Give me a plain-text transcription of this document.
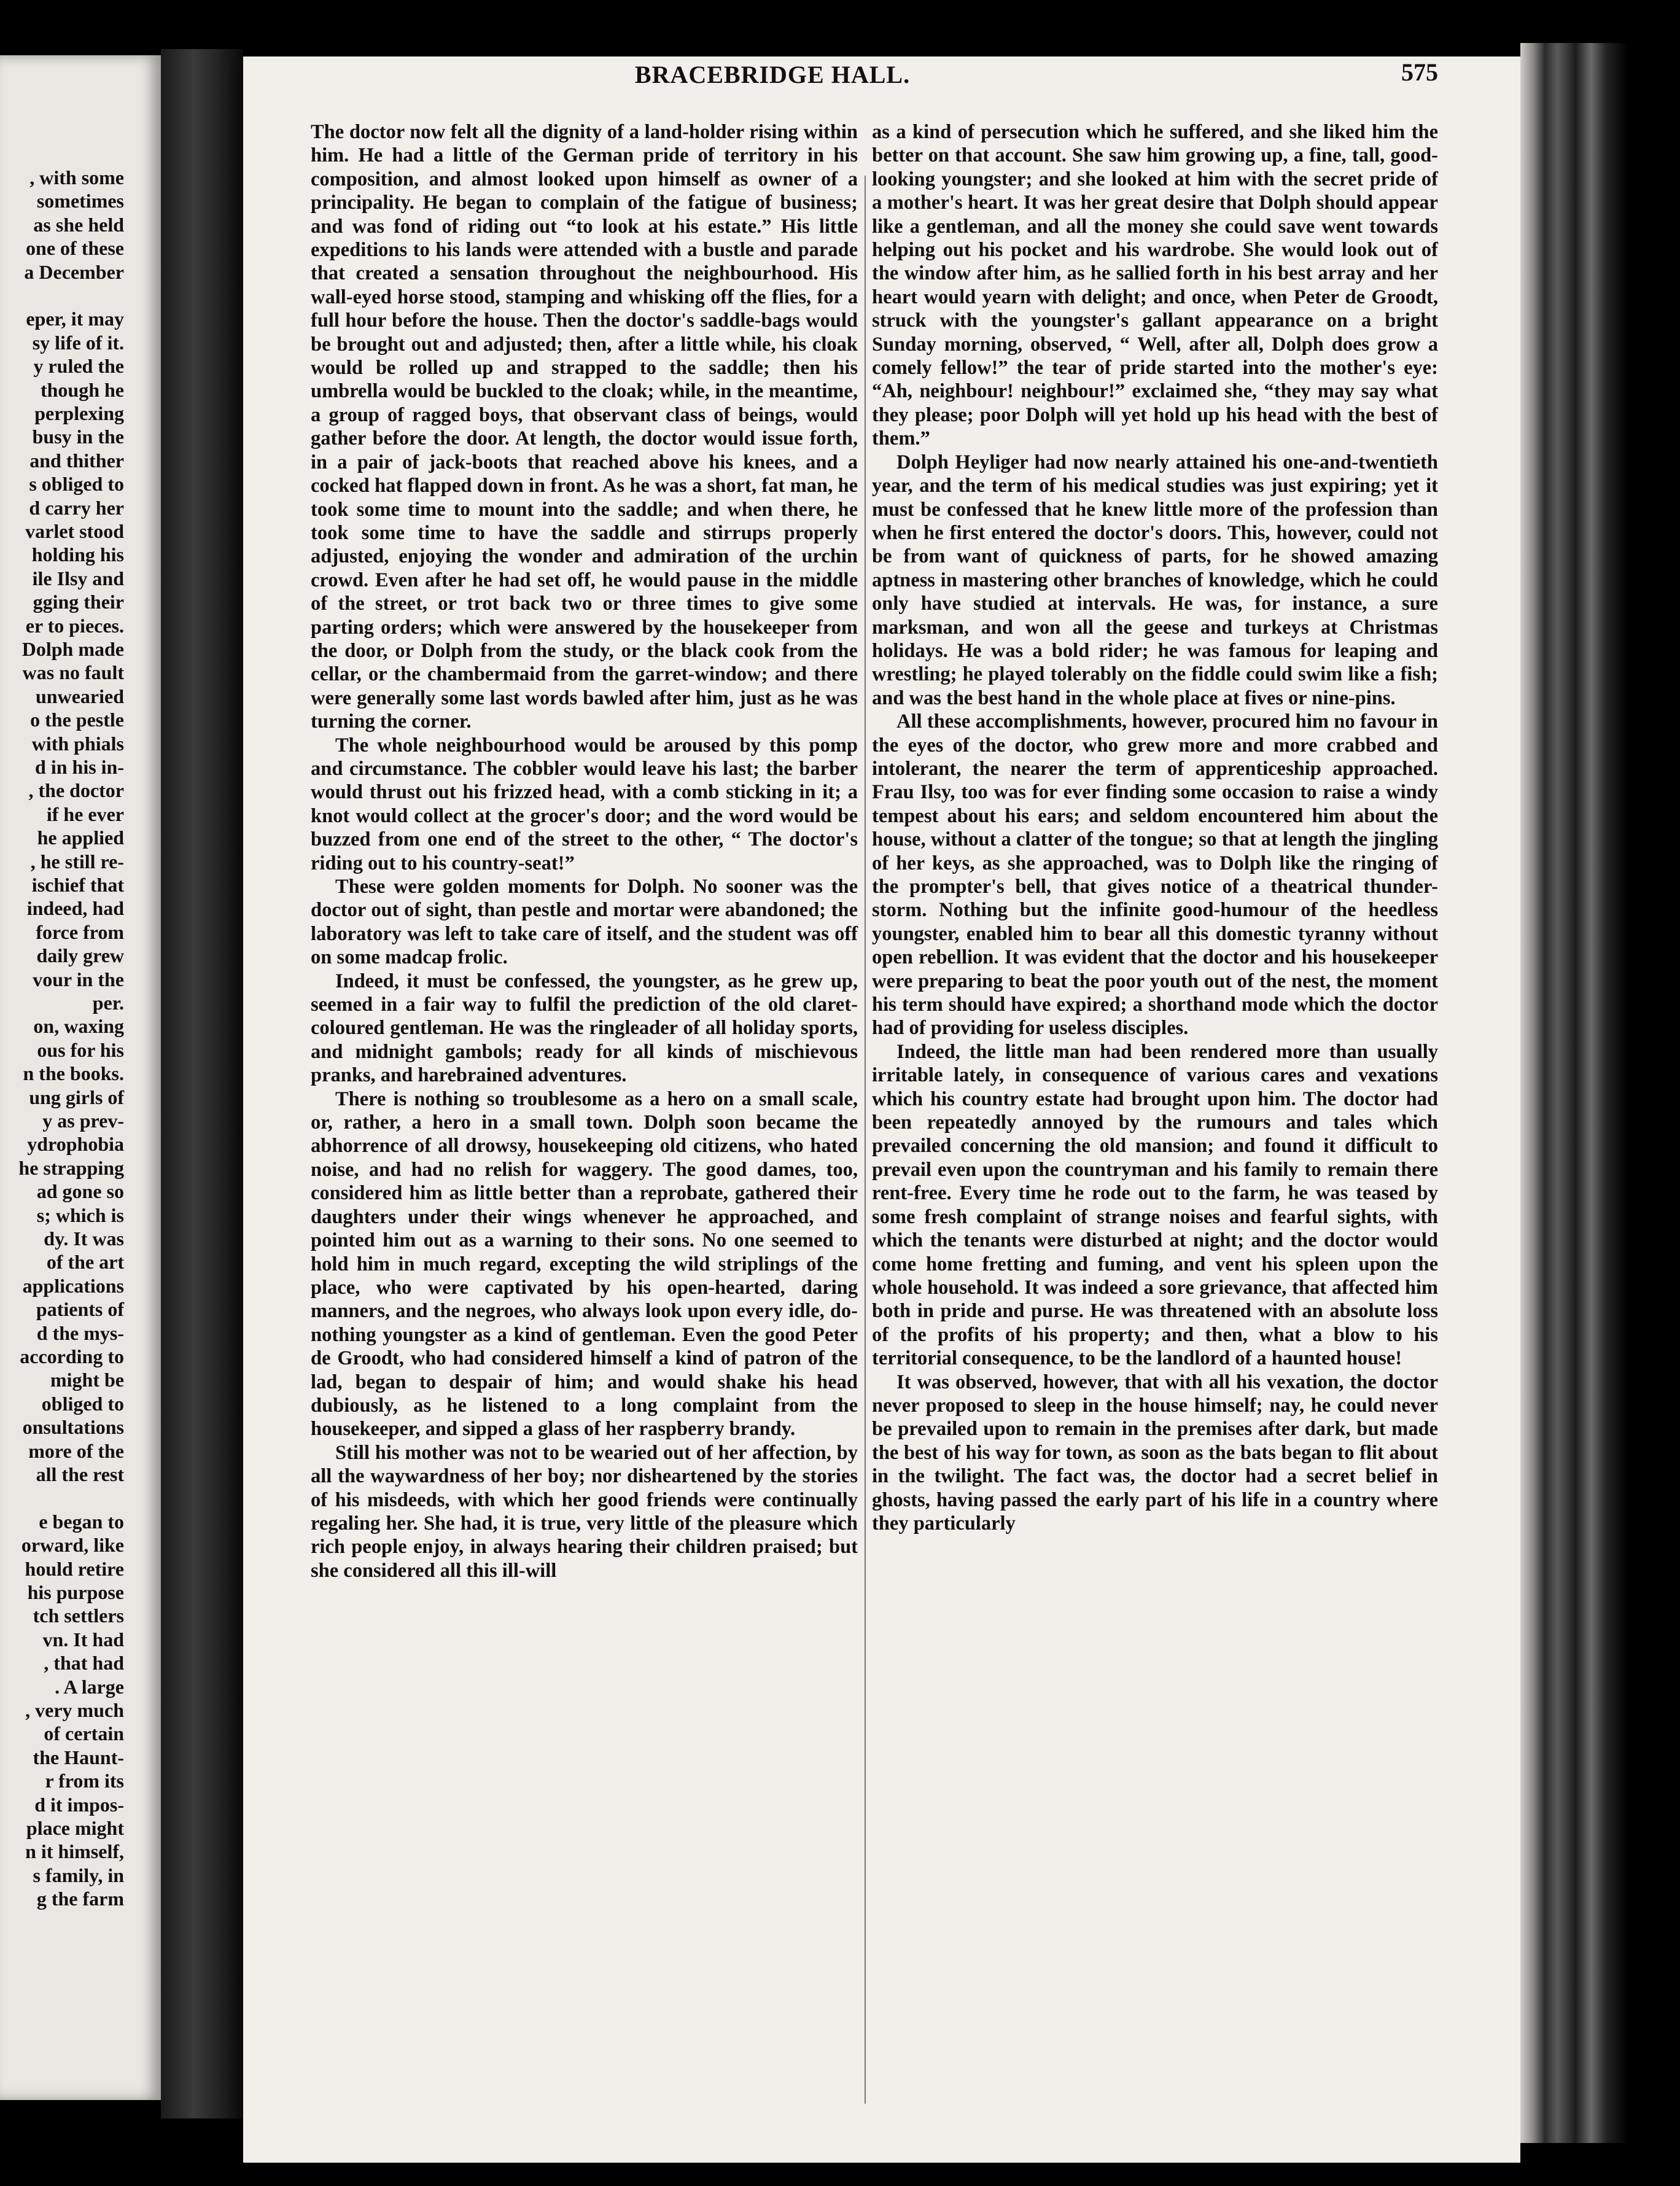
, with some
sometimes
as she held
one of these
a December
eper, it may
sy life of it.
y ruled the
though he
perplexing
busy in the
and thither
s obliged to
d carry her
varlet stood
holding his
ile Ilsy and
gging their
er to pieces.
Dolph made
was no fault
unwearied
o the pestle
with phials
d in his in-
, the doctor
if he ever
he applied
, he still re-
ischief that
indeed, had
force from
daily grew
vour in the
per.
on, waxing
ous for his
n the books.
ung girls of
y as prev-
ydrophobia
he strapping
ad gone so
s; which is
dy. It was
of the art
applications
patients of
d the mys-
according to
might be
obliged to
onsultations
more of the
all the rest
e began to
orward, like
hould retire
his purpose
tch settlers
vn. It had
, that had
. A large
, very much
of certain
the Haunt-
r from its
d it impos-
place might
n it himself,
s family, in
g the farm
BRACEBRIDGE HALL.	575

The doctor now felt all the dignity of a land-holder rising within him. He had a little of the German pride of territory in his composition, and almost looked upon himself as owner of a principality. He began to complain of the fatigue of business; and was fond of riding out “to look at his estate.” His little expeditions to his lands were attended with a bustle and parade that created a sensation throughout the neighbourhood. His wall-eyed horse stood, stamping and whisking off the flies, for a full hour before the house. Then the doctor's saddle-bags would be brought out and adjusted; then, after a little while, his cloak would be rolled up and strapped to the saddle; then his umbrella would be buckled to the cloak; while, in the meantime, a group of ragged boys, that observant class of beings, would gather before the door. At length, the doctor would issue forth, in a pair of jack-boots that reached above his knees, and a cocked hat flapped down in front. As he was a short, fat man, he took some time to mount into the saddle; and when there, he took some time to have the saddle and stirrups properly adjusted, enjoying the wonder and admiration of the urchin crowd. Even after he had set off, he would pause in the middle of the street, or trot back two or three times to give some parting orders; which were answered by the housekeeper from the door, or Dolph from the study, or the black cook from the cellar, or the chambermaid from the garret-window; and there were generally some last words bawled after him, just as he was turning the corner.

The whole neighbourhood would be aroused by this pomp and circumstance. The cobbler would leave his last; the barber would thrust out his frizzed head, with a comb sticking in it; a knot would collect at the grocer's door; and the word would be buzzed from one end of the street to the other, “ The doctor's riding out to his country-seat!”

These were golden moments for Dolph. No sooner was the doctor out of sight, than pestle and mortar were abandoned; the laboratory was left to take care of itself, and the student was off on some madcap frolic.

Indeed, it must be confessed, the youngster, as he grew up, seemed in a fair way to fulfil the prediction of the old claret-coloured gentleman. He was the ringleader of all holiday sports, and midnight gambols; ready for all kinds of mischievous pranks, and harebrained adventures.

There is nothing so troublesome as a hero on a small scale, or, rather, a hero in a small town. Dolph soon became the abhorrence of all drowsy, housekeeping old citizens, who hated noise, and had no relish for waggery. The good dames, too, considered him as little better than a reprobate, gathered their daughters under their wings whenever he approached, and pointed him out as a warning to their sons. No one seemed to hold him in much regard, excepting the wild striplings of the place, who were captivated by his open-hearted, daring manners, and the negroes, who always look upon every idle, do-nothing youngster as a kind of gentleman. Even the good Peter de Groodt, who had considered himself a kind of patron of the lad, began to despair of him; and would shake his head dubiously, as he listened to a long complaint from the housekeeper, and sipped a glass of her raspberry brandy.

Still his mother was not to be wearied out of her affection, by all the waywardness of her boy; nor disheartened by the stories of his misdeeds, with which her good friends were continually regaling her. She had, it is true, very little of the pleasure which rich people enjoy, in always hearing their children praised; but she considered all this ill-will

as a kind of persecution which he suffered, and she liked him the better on that account. She saw him growing up, a fine, tall, good-looking youngster; and she looked at him with the secret pride of a mother's heart. It was her great desire that Dolph should appear like a gentleman, and all the money she could save went towards helping out his pocket and his wardrobe. She would look out of the window after him, as he sallied forth in his best array and her heart would yearn with delight; and once, when Peter de Groodt, struck with the youngster's gallant appearance on a bright Sunday morning, observed, “ Well, after all, Dolph does grow a comely fellow!” the tear of pride started into the mother's eye: “Ah, neighbour! neighbour!” exclaimed she, “they may say what they please; poor Dolph will yet hold up his head with the best of them.”

Dolph Heyliger had now nearly attained his one-and-twentieth year, and the term of his medical studies was just expiring; yet it must be confessed that he knew little more of the profession than when he first entered the doctor's doors. This, however, could not be from want of quickness of parts, for he showed amazing aptness in mastering other branches of knowledge, which he could only have studied at intervals. He was, for instance, a sure marksman, and won all the geese and turkeys at Christmas holidays. He was a bold rider; he was famous for leaping and wrestling; he played tolerably on the fiddle could swim like a fish; and was the best hand in the whole place at fives or nine-pins.

All these accomplishments, however, procured him no favour in the eyes of the doctor, who grew more and more crabbed and intolerant, the nearer the term of apprenticeship approached. Frau Ilsy, too was for ever finding some occasion to raise a windy tempest about his ears; and seldom encountered him about the house, without a clatter of the tongue; so that at length the jingling of her keys, as she approached, was to Dolph like the ringing of the prompter's bell, that gives notice of a theatrical thunder-storm. Nothing but the infinite good-humour of the heedless youngster, enabled him to bear all this domestic tyranny without open rebellion. It was evident that the doctor and his housekeeper were preparing to beat the poor youth out of the nest, the moment his term should have expired; a shorthand mode which the doctor had of providing for useless disciples.

Indeed, the little man had been rendered more than usually irritable lately, in consequence of various cares and vexations which his country estate had brought upon him. The doctor had been repeatedly annoyed by the rumours and tales which prevailed concerning the old mansion; and found it difficult to prevail even upon the countryman and his family to remain there rent-free. Every time he rode out to the farm, he was teased by some fresh complaint of strange noises and fearful sights, with which the tenants were disturbed at night; and the doctor would come home fretting and fuming, and vent his spleen upon the whole household. It was indeed a sore grievance, that affected him both in pride and purse. He was threatened with an absolute loss of the profits of his property; and then, what a blow to his territorial consequence, to be the landlord of a haunted house!

It was observed, however, that with all his vexation, the doctor never proposed to sleep in the house himself; nay, he could never be prevailed upon to remain in the premises after dark, but made the best of his way for town, as soon as the bats began to flit about in the twilight. The fact was, the doctor had a secret belief in ghosts, having passed the early part of his life in a country where they particularly
